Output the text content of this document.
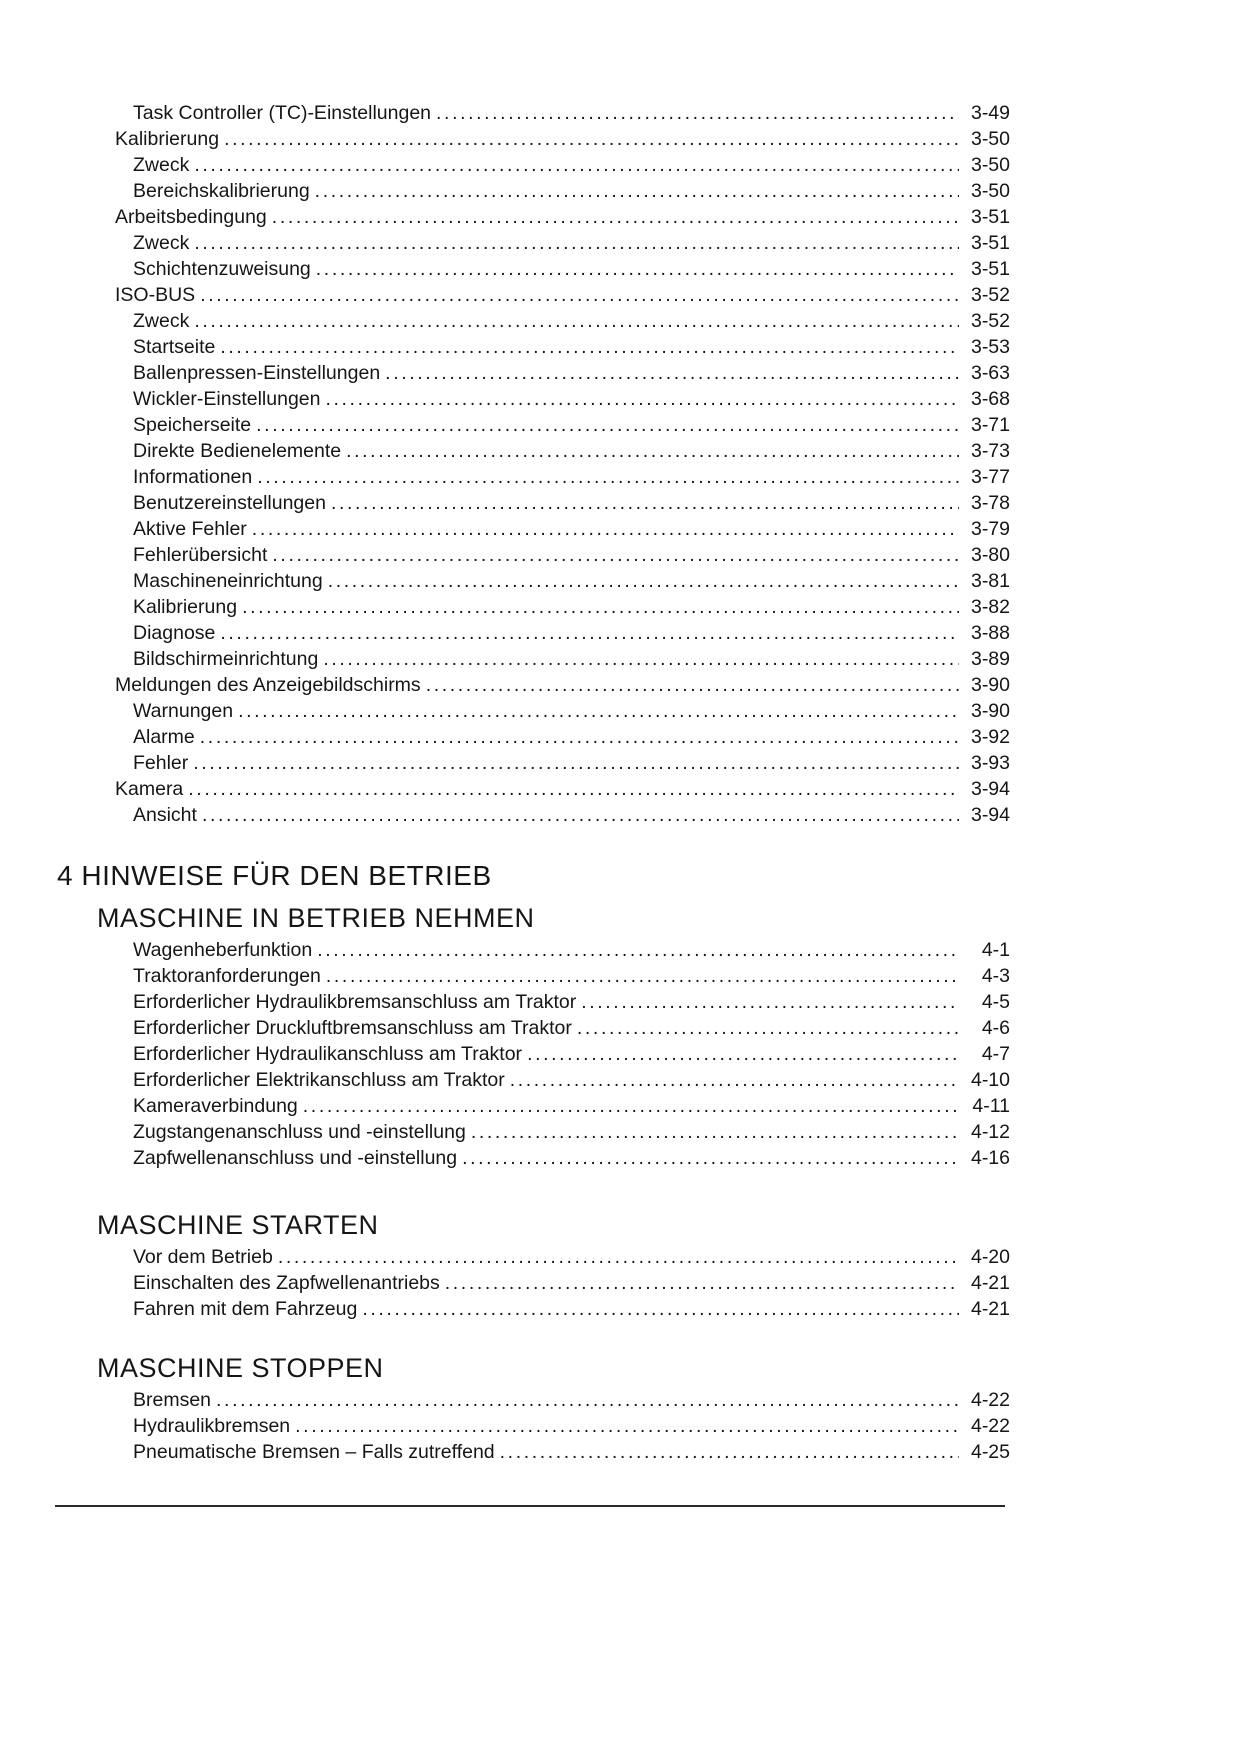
Task Controller (TC)-Einstellungen .....	3-49
Kalibrierung .....	3-50
Zweck .....	3-50
Bereichskalibrierung .....	3-50
Arbeitsbedingung .....	3-51
Zweck .....	3-51
Schichtenzuweisung .....	3-51
ISO-BUS .....	3-52
Zweck .....	3-52
Startseite .....	3-53
Ballenpressen-Einstellungen .....	3-63
Wickler-Einstellungen .....	3-68
Speicherseite .....	3-71
Direkte Bedienelemente .....	3-73
Informationen .....	3-77
Benutzereinstellungen .....	3-78
Aktive Fehler .....	3-79
Fehlerübersicht .....	3-80
Maschineneinrichtung .....	3-81
Kalibrierung .....	3-82
Diagnose .....	3-88
Bildschirmeinrichtung .....	3-89
Meldungen des Anzeigebildschirms .....	3-90
Warnungen .....	3-90
Alarme .....	3-92
Fehler .....	3-93
Kamera .....	3-94
Ansicht .....	3-94
4 HINWEISE FÜR DEN BETRIEB
MASCHINE IN BETRIEB NEHMEN
Wagenheberfunktion .....	4-1
Traktoranforderungen .....	4-3
Erforderlicher Hydraulikbremsanschluss am Traktor .....	4-5
Erforderlicher Druckluftbremsanschluss am Traktor .....	4-6
Erforderlicher Hydraulikanschluss am Traktor .....	4-7
Erforderlicher Elektrikanschluss am Traktor .....	4-10
Kameraverbindung .....	4-11
Zugstangenanschluss und -einstellung .....	4-12
Zapfwellenanschluss und -einstellung .....	4-16
MASCHINE STARTEN
Vor dem Betrieb .....	4-20
Einschalten des Zapfwellenantriebs .....	4-21
Fahren mit dem Fahrzeug .....	4-21
MASCHINE STOPPEN
Bremsen .....	4-22
Hydraulikbremsen .....	4-22
Pneumatische Bremsen – Falls zutreffend .....	4-25
